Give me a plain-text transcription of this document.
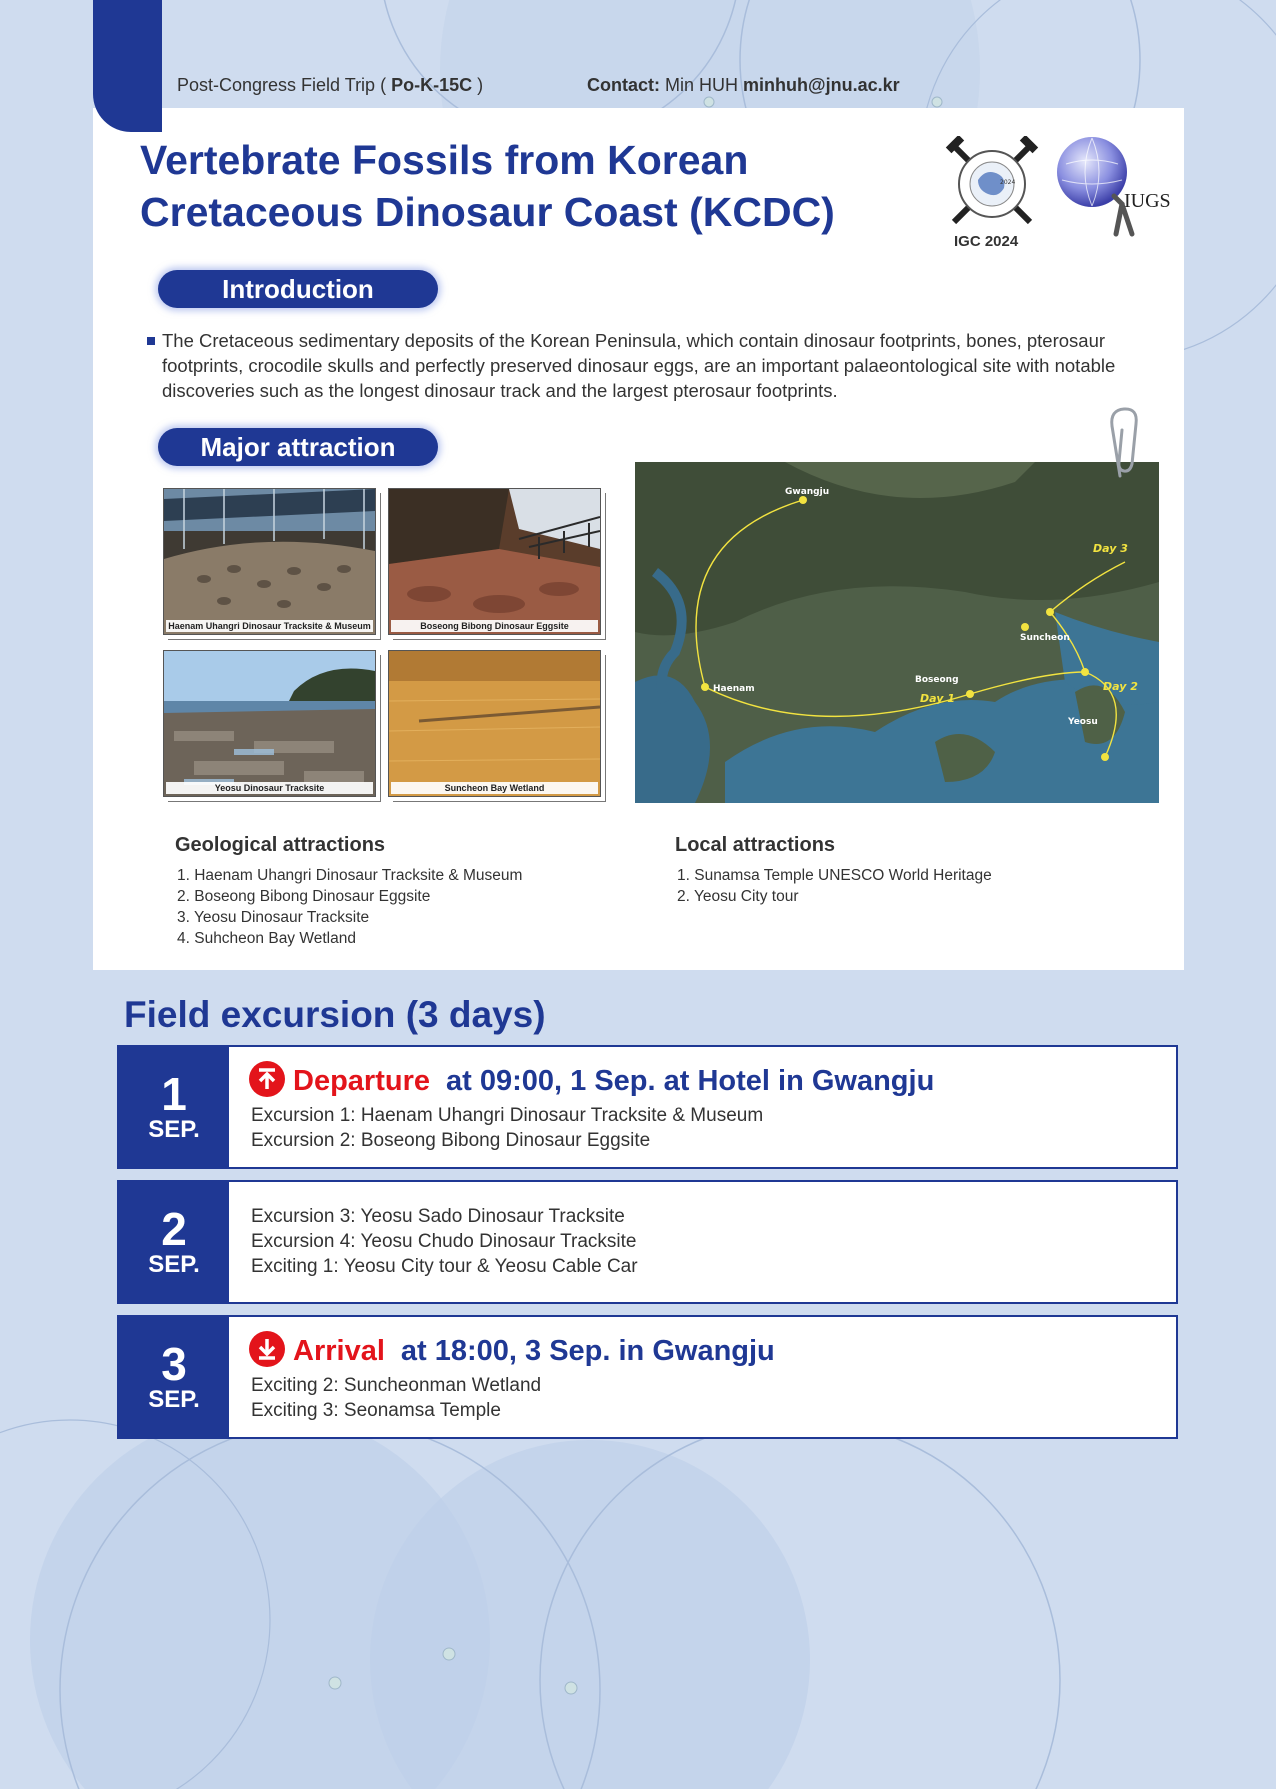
Post-Congress Field Trip ( Po-K-15C )	Contact: Min HUH minhuh@jnu.ac.kr
Vertebrate Fossils from Korean
Cretaceous Dinosaur Coast (KCDC)
2024
IGC 2024
IUGS
Introduction

The Cretaceous sedimentary deposits of the Korean Peninsula, which contain dinosaur footprints, bones, pterosaur footprints, crocodile skulls and perfectly preserved dinosaur eggs, are an important palaeontological site with notable discoveries such as the longest dinosaur track and the largest pterosaur footprints.

Major attraction
Haenam Uhangri Dinosaur Tracksite & Museum	Boseong Bibong Dinosaur Eggsite
Yeosu Dinosaur Tracksite	Suncheon Bay Wetland
Gwangju
Haenam
Boseong
Suncheon
Yeosu
Day 1
Day 2
Day 3
Geological attractions
1. Haenam Uhangri Dinosaur Tracksite & Museum
2. Boseong Bibong Dinosaur Eggsite
3. Yeosu Dinosaur Tracksite
4. Suhcheon Bay Wetland
Local attractions
1. Sunamsa Temple UNESCO World Heritage
2. Yeosu City tour
Field excursion (3 days)
1
SEP.
Departure at 09:00, 1 Sep. at Hotel in Gwangju
Excursion 1: Haenam Uhangri Dinosaur Tracksite & Museum
Excursion 2: Boseong Bibong Dinosaur Eggsite
2
SEP.
Excursion 3: Yeosu Sado Dinosaur Tracksite
Excursion 4: Yeosu Chudo Dinosaur Tracksite
Exciting 1: Yeosu City tour & Yeosu Cable Car
3
SEP.
Arrival at 18:00, 3 Sep. in Gwangju
Exciting 2: Suncheonman Wetland
Exciting 3: Seonamsa Temple
